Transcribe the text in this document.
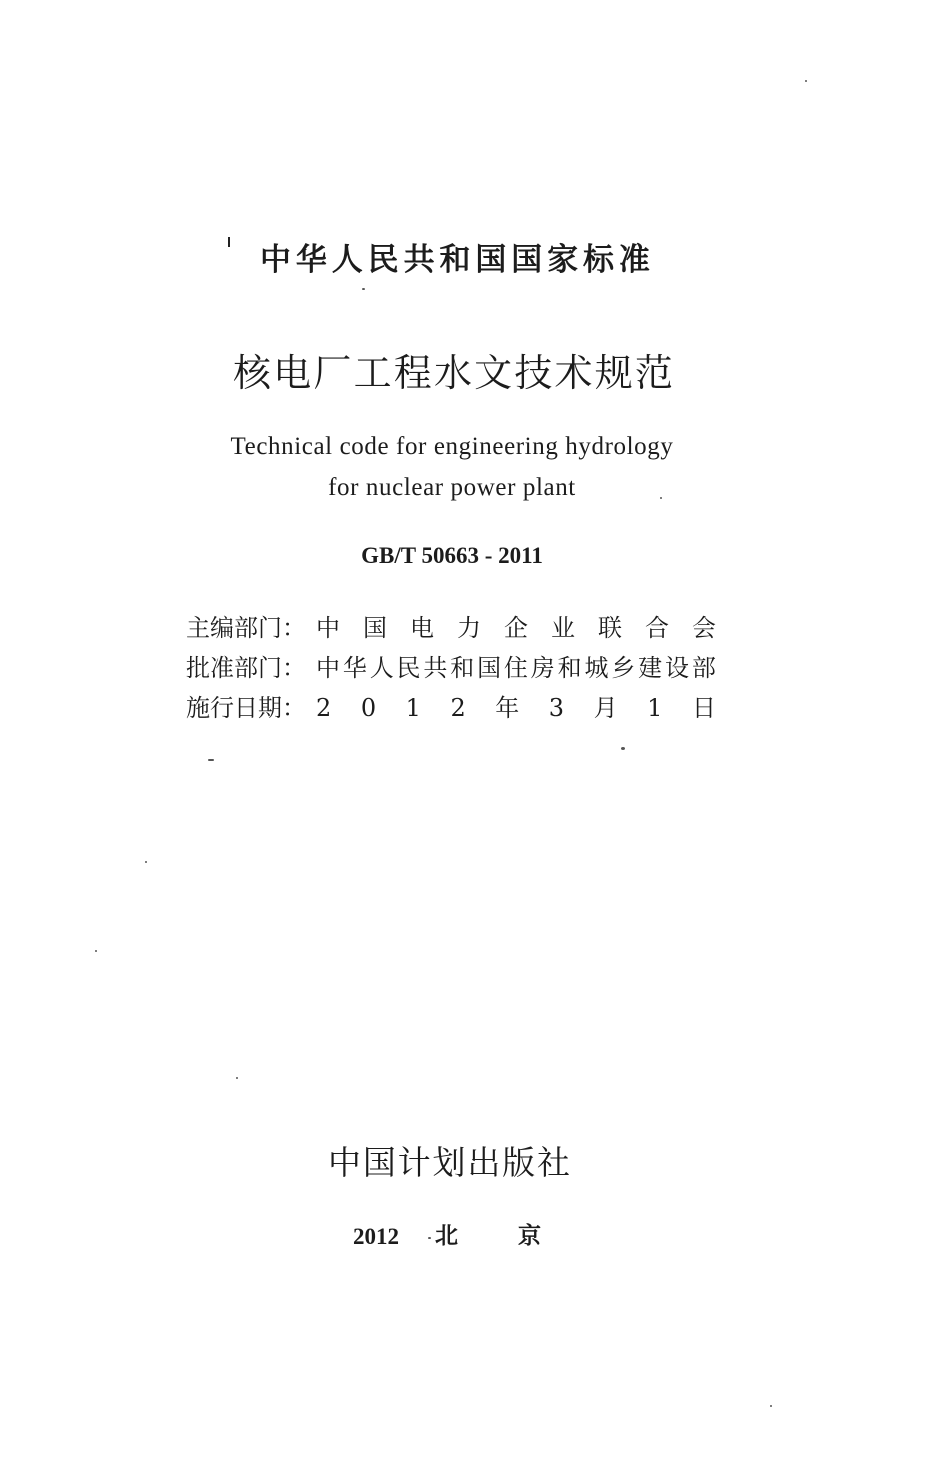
中 华 人 民 共 和 国 国 家 标 准
核 电 厂 工 程 水 文 技 术 规 范
Technical code for engineering hydrology
for nuclear power plant
GB/T 50663 - 2011
主编部门： 中 国 电 力 企 业 联 合 会
批准部门： 中 华 人 民 共 和 国 住 房 和 城 乡 建 设 部
施行日期： 2 0 1 2 年 3 月 1 日
中 国 计 划 出 版 社
2012 北	京
